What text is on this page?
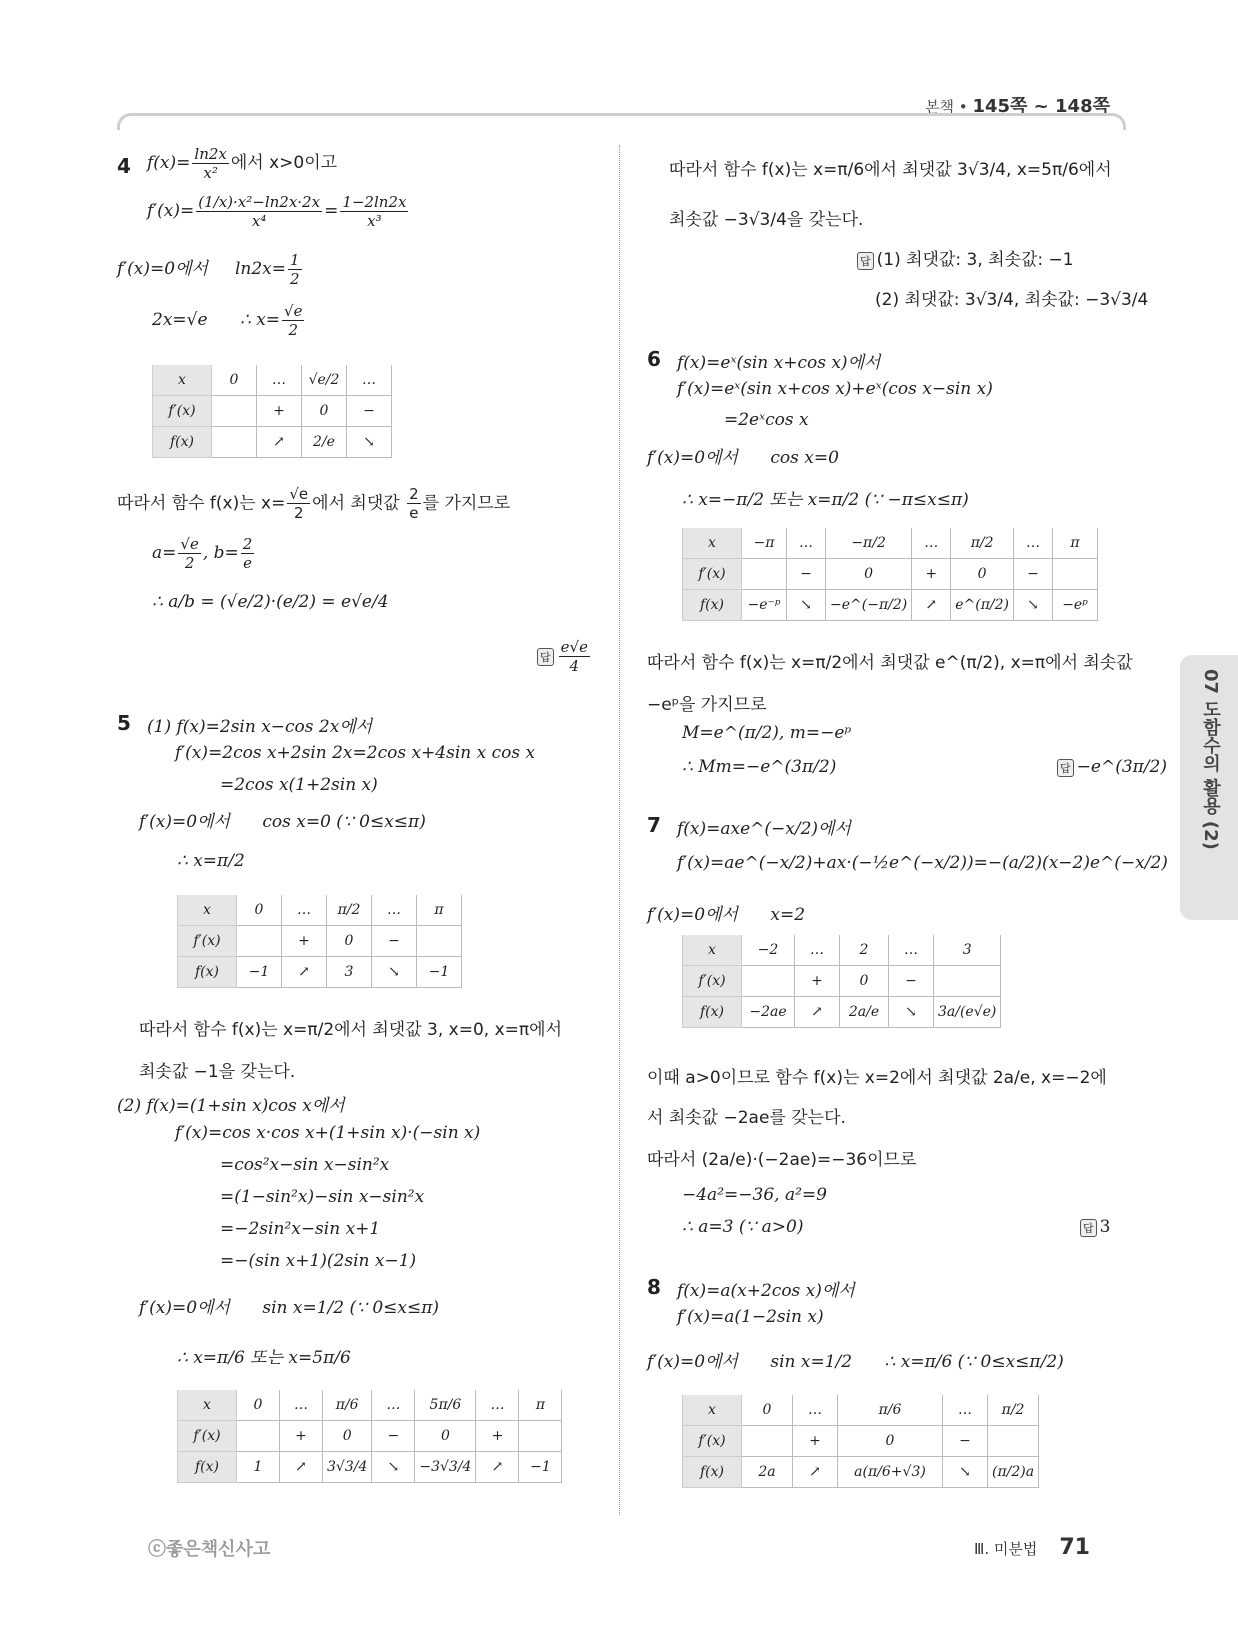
본책 • 145쪽 ~ 148쪽
4 $f(x)= \frac{\ln 2x}{\text{x²}}$ 에서 x>0이고
$f'(x)= \frac{\text{(1/x)·x²−ln2x·2x}}{\text{x⁴}} = \frac{1-2\ln 2x}{\text{x³}}$
f′(x)=0에서 $\ln 2x= \frac{1}{2}$
2x=√e ∴ $x= \frac{√e}{2}$
x	0	…	√e/2	…
f′(x)		+	0	−
f(x)		↗	2/e	↘
따라서 함수 f(x)는 $x= \frac{√e}{2}$ 에서 최댓값 $\frac{2}{e}$ 를 가지므로
$a= \frac{√e}{2}$ , $b= \frac{2}{e}$
∴ a/b = (√e/2)·(e/2) = e√e/4
답 $\frac{e√e}{4}$
5 (1) f(x)=2sin x−cos 2x에서
f′(x)=2cos x+2sin 2x=2cos x+4sin x cos x
=2cos x(1+2sin x)
f′(x)=0에서 cos x=0 (∵ 0≤x≤π)
∴ x=π/2
x	0	…	π/2	…	π
f′(x)		+	0	−	
f(x)	−1	↗	3	↘	−1
따라서 함수 f(x)는 x=π/2에서 최댓값 3, x=0, x=π에서
최솟값 −1을 갖는다.
(2) f(x)=(1+sin x)cos x에서
f′(x)=cos x·cos x+(1+sin x)·(−sin x)
=cos²x−sin x−sin²x
=(1−sin²x)−sin x−sin²x
=−2sin²x−sin x+1
=−(sin x+1)(2sin x−1)
f′(x)=0에서 sin x=1/2 (∵ 0≤x≤π)
∴ x=π/6 또는 x=5π/6
x	0	…	π/6	…	5π/6	…	π
f′(x)		+	0	−	0	+	
f(x)	1	↗	3√3/4	↘	−3√3/4	↗	−1
따라서 함수 f(x)는 x=π/6에서 최댓값 3√3/4, x=5π/6에서
최솟값 −3√3/4을 갖는다.
답 (1) 최댓값: 3, 최솟값: −1
(2) 최댓값: 3√3/4, 최솟값: −3√3/4
6 f(x)=eˣ(sin x+cos x)에서
f′(x)=eˣ(sin x+cos x)+eˣ(cos x−sin x)
=2eˣcos x
f′(x)=0에서 cos x=0
∴ x=−π/2 또는 x=π/2 (∵ −π≤x≤π)
x	−π	…	−π/2	…	π/2	…	π
f′(x)		−	0	+	0	−	
f(x)	−e⁻ᵖ	↘	−e^(−π/2)	↗	e^(π/2)	↘	−eᵖ
따라서 함수 f(x)는 x=π/2에서 최댓값 e^(π/2), x=π에서 최솟값
−eᵖ을 가지므로
M=e^(π/2), m=−eᵖ
∴ Mm=−e^(3π/2)	답 −e^(3π/2)
7 f(x)=axe^(−x/2)에서
f′(x)=ae^(−x/2)+ax·(−½e^(−x/2))=−(a/2)(x−2)e^(−x/2)
f′(x)=0에서 x=2
x	−2	…	2	…	3
f′(x)		+	0	−	
f(x)	−2ae	↗	2a/e	↘	3a/(e√e)
이때 a>0이므로 함수 f(x)는 x=2에서 최댓값 2a/e, x=−2에
서 최솟값 −2ae를 갖는다.
따라서 (2a/e)·(−2ae)=−36이므로
−4a²=−36, a²=9
∴ a=3 (∵ a>0)	답 3
8 f(x)=a(x+2cos x)에서
f′(x)=a(1−2sin x)
f′(x)=0에서 sin x=1/2 ∴ x=π/6 (∵ 0≤x≤π/2)
x	0	…	π/6	…	π/2
f′(x)		+	0	−	
f(x)	2a	↗	a(π/6+√3)	↘	(π/2)a
07 도함수의 활용 (2)
ⓒ좋은책신사고	Ⅲ. 미분법 71
